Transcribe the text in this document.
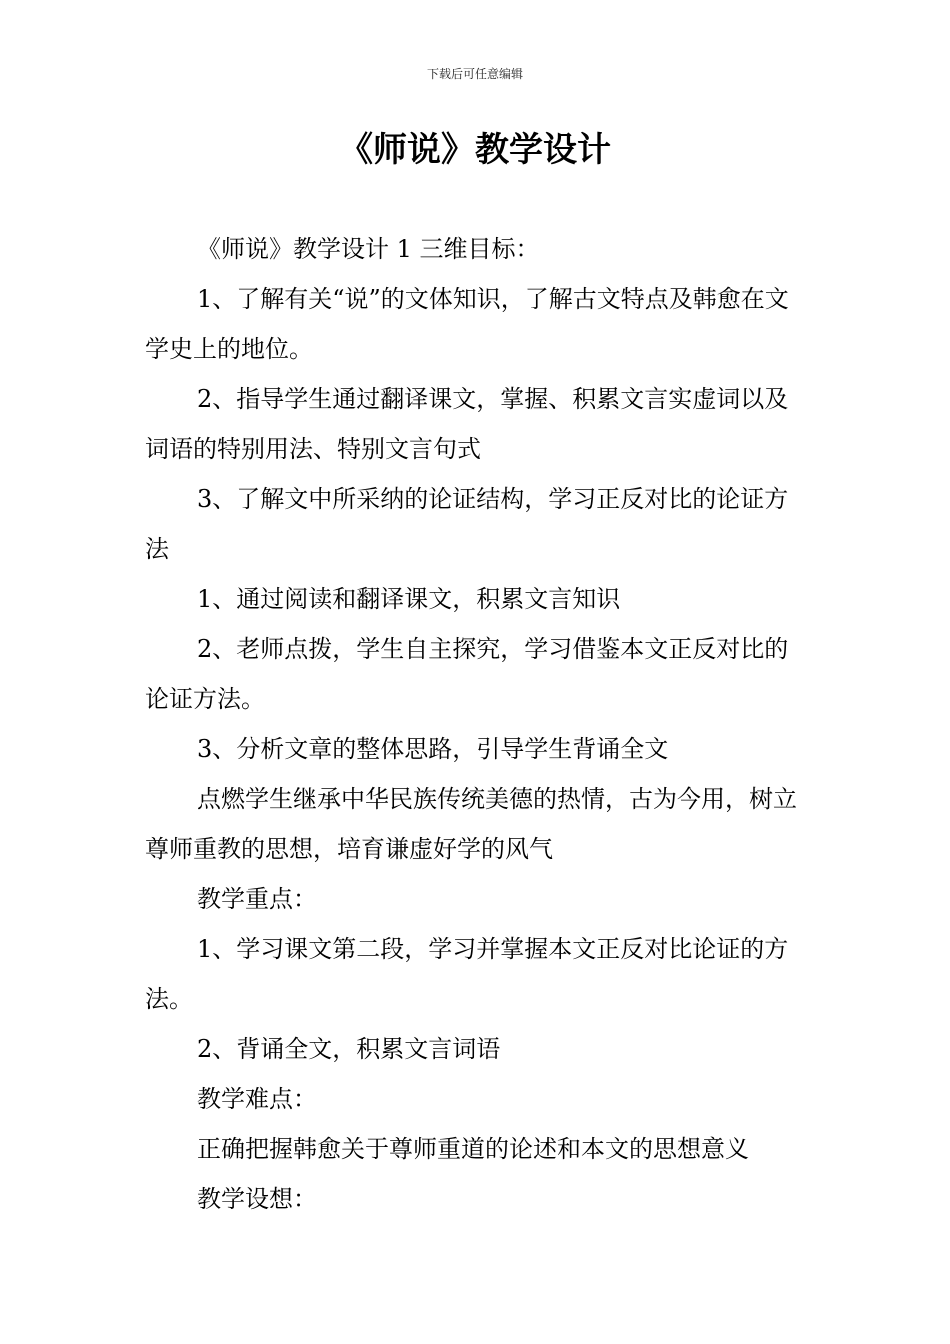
下载后可任意编辑
《师说》教学设计

《师说》教学设计 1 三维目标：

1、了解有关“说”的文体知识，了解古文特点及韩愈在文学史上的地位。

2、指导学生通过翻译课文，掌握、积累文言实虚词以及词语的特别用法、特别文言句式

3、了解文中所采纳的论证结构，学习正反对比的论证方法

1、通过阅读和翻译课文，积累文言知识

2、老师点拨，学生自主探究，学习借鉴本文正反对比的论证方法。

3、分析文章的整体思路，引导学生背诵全文

点燃学生继承中华民族传统美德的热情，古为今用，树立尊师重教的思想，培育谦虚好学的风气

教学重点：

1、学习课文第二段，学习并掌握本文正反对比论证的方法。

2、背诵全文，积累文言词语

教学难点：

正确把握韩愈关于尊师重道的论述和本文的思想意义

教学设想：
